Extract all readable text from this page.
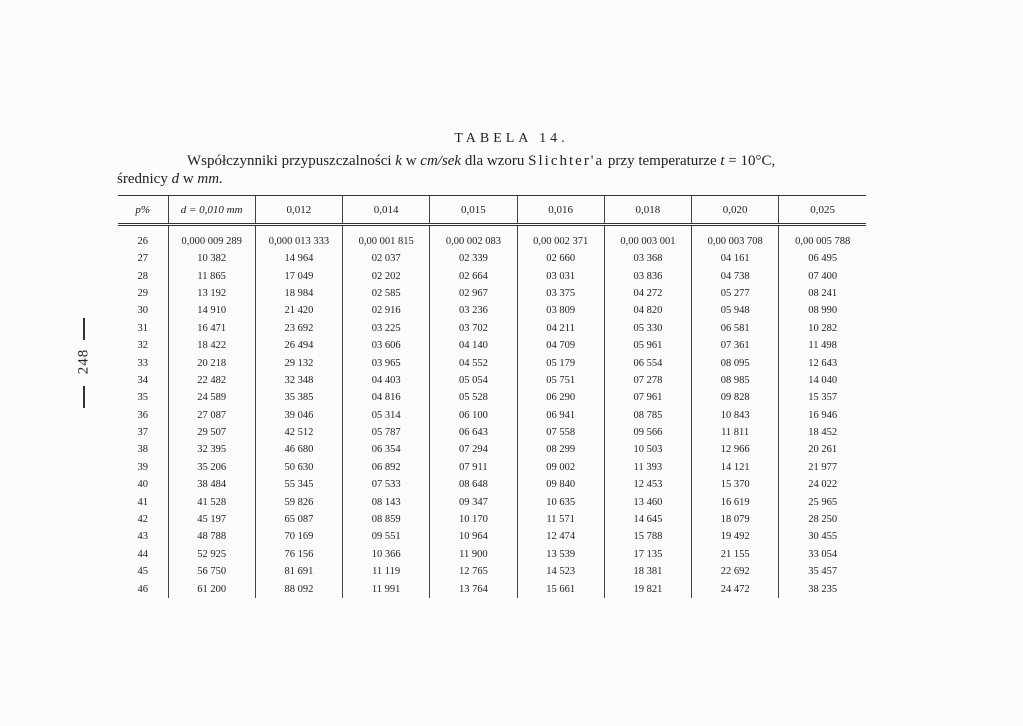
248
TABELA 14.
Współczynniki przypuszczalności k w cm/sek dla wzoru Slichter'a przy temperaturze t = 10°C,
średnicy d w mm.
p%	d = 0,010 mm	0,012	0,014	0,015	0,016	0,018	0,020	0,025
26	0,000 009 289	0,000 013 333	0,00 001 815	0,00 002 083	0,00 002 371	0,00 003 001	0,00 003 708	0,00 005 788
27	10 382	14 964	02 037	02 339	02 660	03 368	04 161	06 495
28	11 865	17 049	02 202	02 664	03 031	03 836	04 738	07 400
29	13 192	18 984	02 585	02 967	03 375	04 272	05 277	08 241
30	14 910	21 420	02 916	03 236	03 809	04 820	05 948	08 990
31	16 471	23 692	03 225	03 702	04 211	05 330	06 581	10 282
32	18 422	26 494	03 606	04 140	04 709	05 961	07 361	11 498
33	20 218	29 132	03 965	04 552	05 179	06 554	08 095	12 643
34	22 482	32 348	04 403	05 054	05 751	07 278	08 985	14 040
35	24 589	35 385	04 816	05 528	06 290	07 961	09 828	15 357
36	27 087	39 046	05 314	06 100	06 941	08 785	10 843	16 946
37	29 507	42 512	05 787	06 643	07 558	09 566	11 811	18 452
38	32 395	46 680	06 354	07 294	08 299	10 503	12 966	20 261
39	35 206	50 630	06 892	07 911	09 002	11 393	14 121	21 977
40	38 484	55 345	07 533	08 648	09 840	12 453	15 370	24 022
41	41 528	59 826	08 143	09 347	10 635	13 460	16 619	25 965
42	45 197	65 087	08 859	10 170	11 571	14 645	18 079	28 250
43	48 788	70 169	09 551	10 964	12 474	15 788	19 492	30 455
44	52 925	76 156	10 366	11 900	13 539	17 135	21 155	33 054
45	56 750	81 691	11 119	12 765	14 523	18 381	22 692	35 457
46	61 200	88 092	11 991	13 764	15 661	19 821	24 472	38 235
